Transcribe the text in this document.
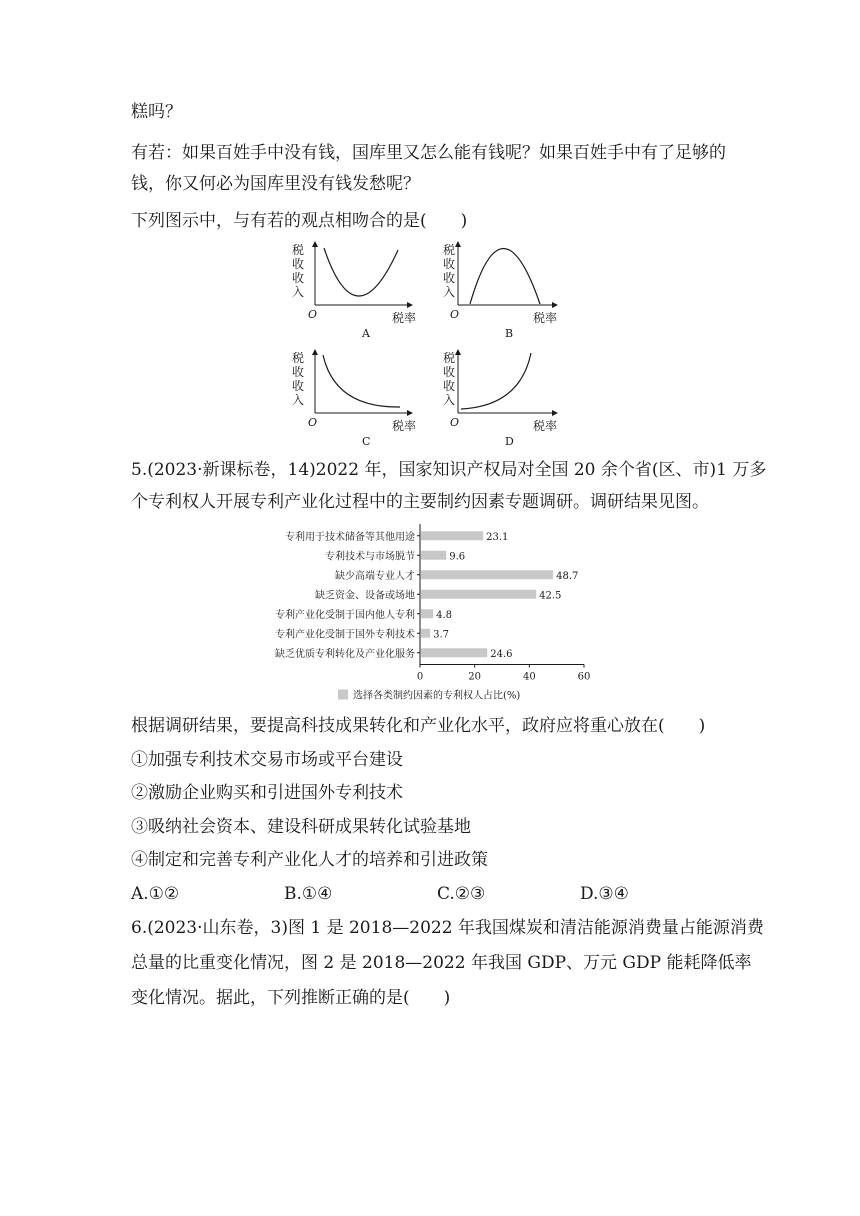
糕吗？
有若：如果百姓手中没有钱，国库里又怎么能有钱呢？如果百姓手中有了足够的
钱，你又何必为国库里没有钱发愁呢？
下列图示中，与有若的观点相吻合的是(　　)
税
收
收
入
O	税率
A
税
收
收
入
O	税率
B
税
收
收
入
O	税率
C
税
收
收
入
O	税率
D
5.(2023·新课标卷，14)2022 年，国家知识产权局对全国 20 余个省(区、市)1 万多
个专利权人开展专利产业化过程中的主要制约因素专题调研。调研结果见图。
专利用于技术储备等其他用途	23.1
专利技术与市场脱节	9.6
缺少高端专业人才	48.7
缺乏资金、设备或场地	42.5
专利产业化受制于国内他人专利 4.8
专利产业化受制于国外专利技术 3.7
缺乏优质专利转化及产业化服务	24.6
0	20	40	60
选择各类制约因素的专利权人占比(%)
根据调研结果，要提高科技成果转化和产业化水平，政府应将重心放在(　　)
①加强专利技术交易市场或平台建设
②激励企业购买和引进国外专利技术
③吸纳社会资本、建设科研成果转化试验基地
④制定和完善专利产业化人才的培养和引进政策
A.①②	B.①④	C.②③	D.③④
6.(2023·山东卷，3)图 1 是 2018—2022 年我国煤炭和清洁能源消费量占能源消费
总量的比重变化情况，图 2 是 2018—2022 年我国 GDP、万元 GDP 能耗降低率
变化情况。据此，下列推断正确的是(　　)
